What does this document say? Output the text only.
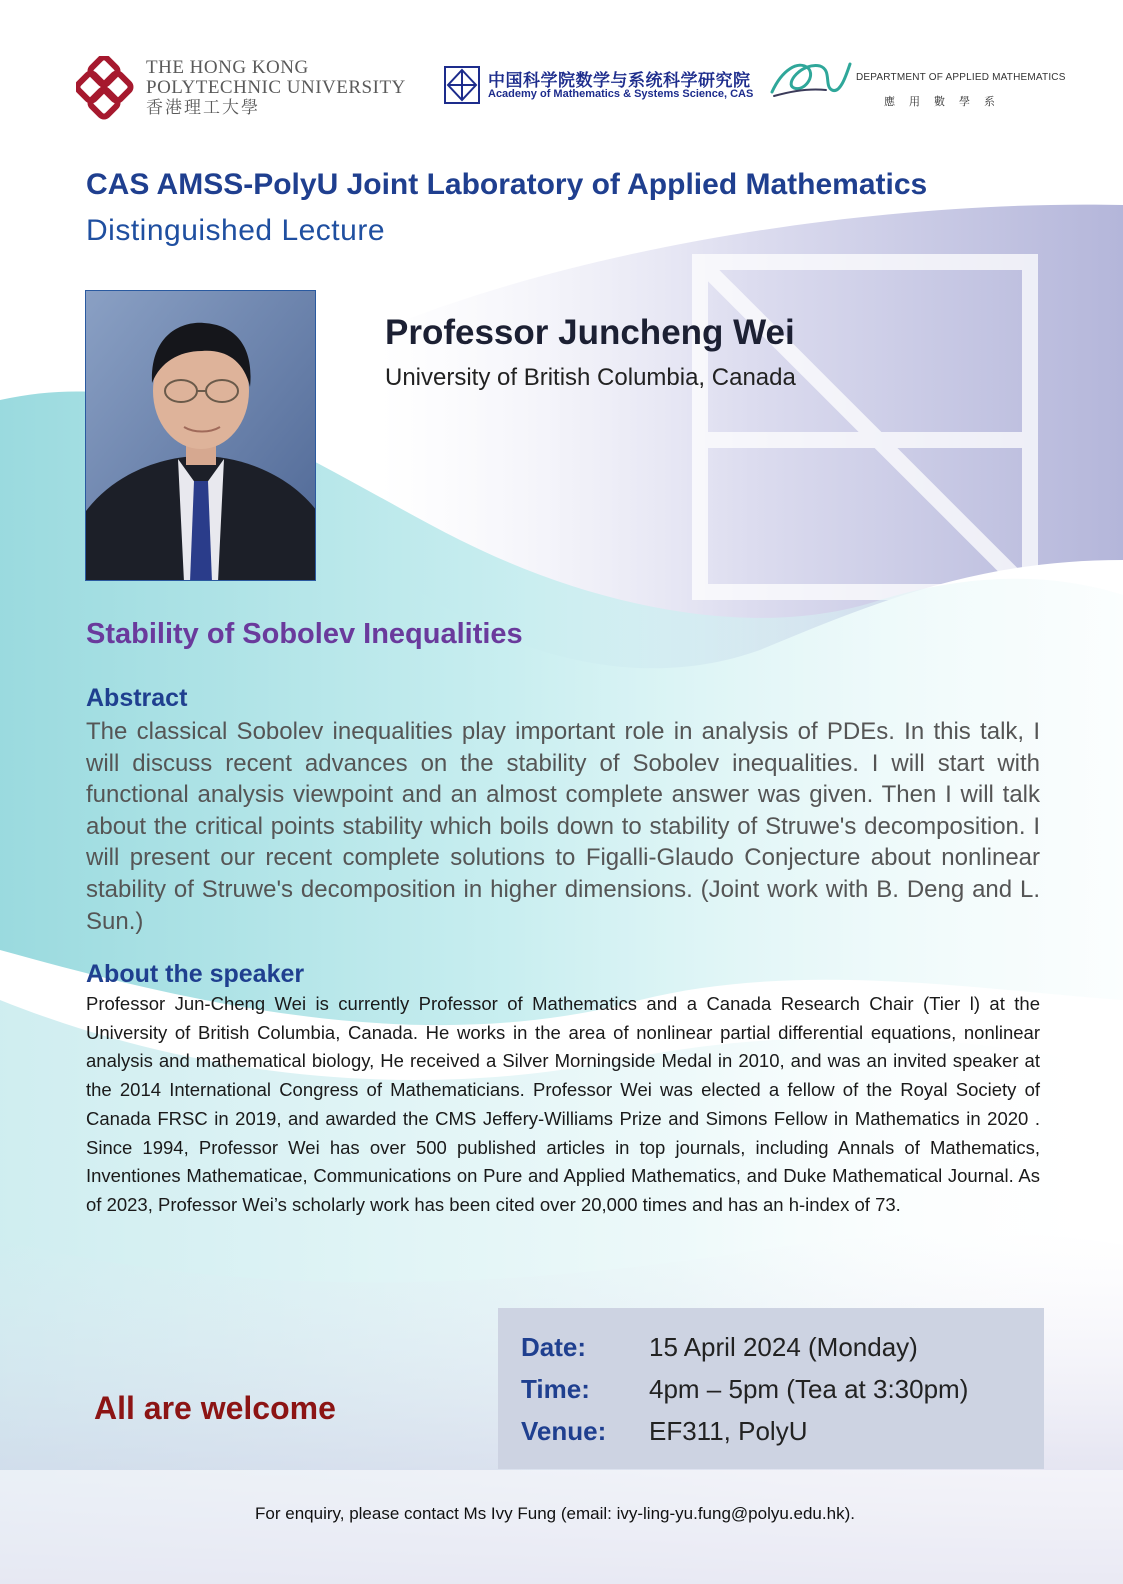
THE HONG KONG
POLYTECHNIC UNIVERSITY
香港理工大學
中国科学院数学与系统科学研究院
Academy of Mathematics & Systems Science, CAS
DEPARTMENT OF APPLIED MATHEMATICS
應用數學系
CAS AMSS-PolyU Joint Laboratory of Applied Mathematics
Distinguished Lecture
Professor Juncheng Wei
University of British Columbia, Canada
Stability of Sobolev Inequalities
Abstract
The classical Sobolev inequalities play important role in analysis of PDEs. In this talk, I will discuss recent advances on the stability of Sobolev inequalities. I will start with functional analysis viewpoint and an almost complete answer was given. Then I will talk about the critical points stability which boils down to stability of Struwe's decomposition. I will present our recent complete solutions to Figalli-Glaudo Conjecture about nonlinear stability of Struwe's decomposition in higher dimensions. (Joint work with B. Deng and L. Sun.)
About the speaker
Professor Jun-Cheng Wei is currently Professor of Mathematics and a Canada Research Chair (Tier l) at the University of British Columbia, Canada. He works in the area of nonlinear partial differential equations, nonlinear analysis and mathematical biology, He received a Silver Morningside Medal in 2010, and was an invited speaker at the 2014 International Congress of Mathematicians. Professor Wei was elected a fellow of the Royal Society of Canada FRSC in 2019, and awarded the CMS Jeffery-Williams Prize and Simons Fellow in Mathematics in 2020 . Since 1994, Professor Wei has over 500 published articles in top journals, including Annals of Mathematics, Inventiones Mathematicae, Communications on Pure and Applied Mathematics, and Duke Mathematical Journal. As of 2023, Professor Wei’s scholarly work has been cited over 20,000 times and has an h-index of 73.
All are welcome
Date: 15 April 2024 (Monday)
Time: 4pm – 5pm (Tea at 3:30pm)
Venue: EF311, PolyU
For enquiry, please contact Ms Ivy Fung (email: ivy-ling-yu.fung@polyu.edu.hk).
